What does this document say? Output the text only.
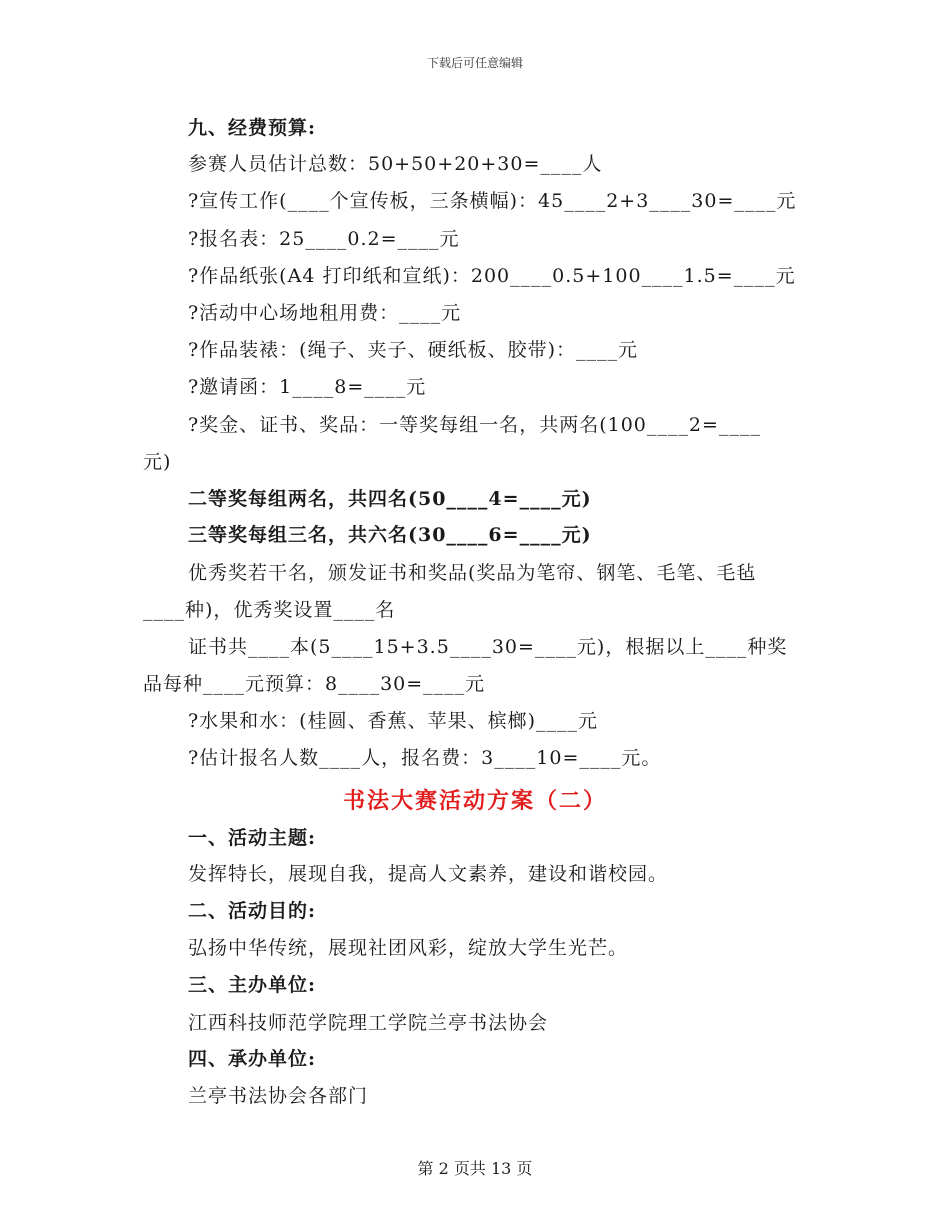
下载后可任意编辑
九、经费预算:
参赛人员估计总数：50+50+20+30=____人
?宣传工作(____个宣传板，三条横幅)：45____2+3____30=____元
?报名表：25____0.2=____元
?作品纸张(A4 打印纸和宣纸)：200____0.5+100____1.5=____元
?活动中心场地租用费：____元
?作品装裱：(绳子、夹子、硬纸板、胶带)：____元
?邀请函：1____8=____元
?奖金、证书、奖品：一等奖每组一名，共两名(100____2=____
元)
二等奖每组两名，共四名(50____4=____元)
三等奖每组三名，共六名(30____6=____元)
优秀奖若干名，颁发证书和奖品(奖品为笔帘、钢笔、毛笔、毛毡
____种)，优秀奖设置____名
证书共____本(5____15+3.5____30=____元)，根据以上____种奖
品每种____元预算：8____30=____元
?水果和水：(桂圆、香蕉、苹果、槟榔)____元
?估计报名人数____人，报名费：3____10=____元。
书法大赛活动方案（二）
一、活动主题:
发挥特长，展现自我，提高人文素养，建设和谐校园。
二、活动目的:
弘扬中华传统，展现社团风彩，绽放大学生光芒。
三、主办单位:
江西科技师范学院理工学院兰亭书法协会
四、承办单位:
兰亭书法协会各部门
第 2 页共 13 页
